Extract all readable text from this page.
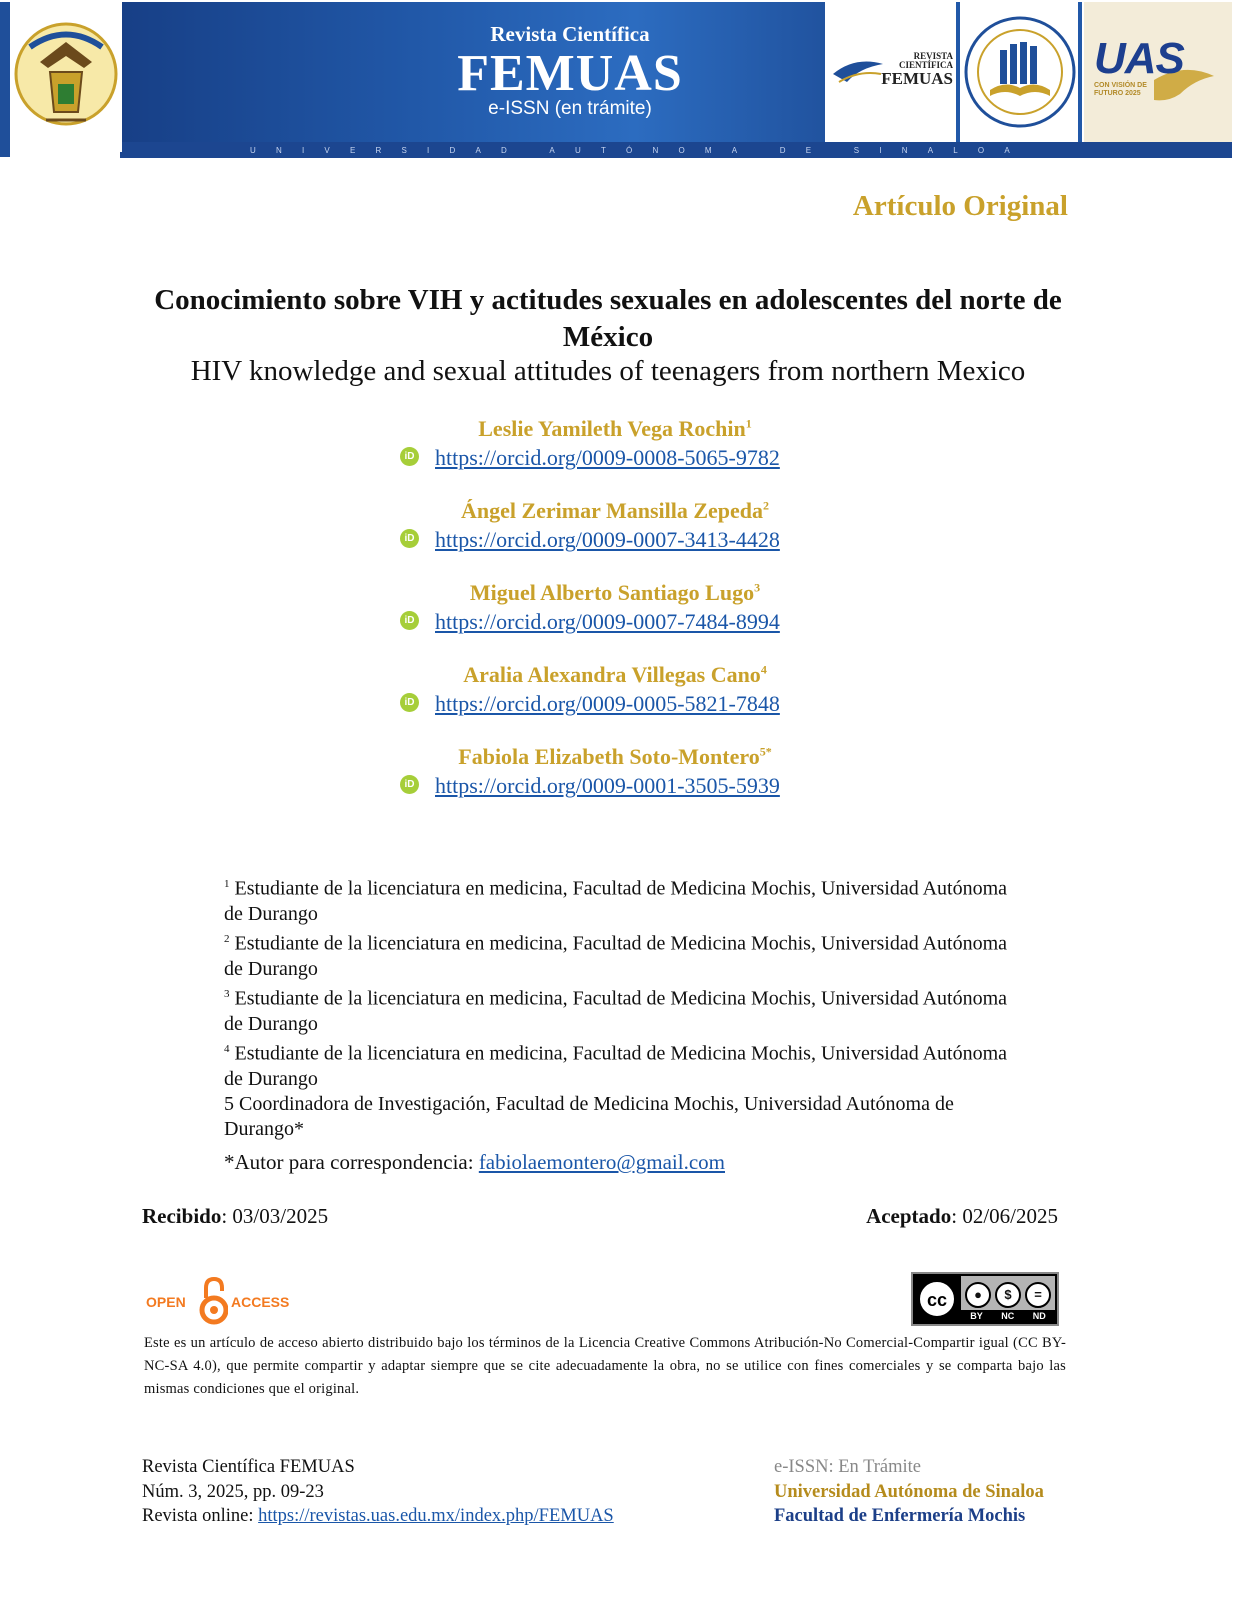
U	N	I	V	E	R	S	I	D	A	D
	A	U	T	Ó	N	O	M	A
	D	E
	S	I	N	A	L	O	A
Revista Científica
FEMUAS
e-ISSN (en trámite)
REVISTA
CIENTÍFICA
FEMUAS	UAS
CON VISIÓN DE FUTURO 2025
Artículo Original
Conocimiento sobre VIH y actitudes sexuales en adolescentes del norte de México
HIV knowledge and sexual attitudes of teenagers from northern Mexico
Leslie Yamileth Vega Rochin$^1$
iD https://orcid.org/0009-0008-5065-9782
Ángel Zerimar Mansilla Zepeda$^2$
iD https://orcid.org/0009-0007-3413-4428
Miguel Alberto Santiago Lugo$^3$
iD https://orcid.org/0009-0007-7484-8994
Aralia Alexandra Villegas Cano$^4$
iD https://orcid.org/0009-0005-5821-7848
Fabiola Elizabeth Soto-Montero$^{5*}$
iD https://orcid.org/0009-0001-3505-5939
$^1$ Estudiante de la licenciatura en medicina, Facultad de Medicina Mochis, Universidad Autónoma de Durango
$^2$ Estudiante de la licenciatura en medicina, Facultad de Medicina Mochis, Universidad Autónoma de Durango
$^3$ Estudiante de la licenciatura en medicina, Facultad de Medicina Mochis, Universidad Autónoma de Durango
$^4$ Estudiante de la licenciatura en medicina, Facultad de Medicina Mochis, Universidad Autónoma de Durango
5 Coordinadora de Investigación, Facultad de Medicina Mochis, Universidad Autónoma de Durango*
*Autor para correspondencia: fabiolaemontero@gmail.com
Recibido: 03/03/2025	Aceptado: 02/06/2025
OPEN	ACCESS	cc	●	$	=
BY NC ND
Este es un artículo de acceso abierto distribuido bajo los términos de la Licencia Creative Commons Atribución-No Comercial-Compartir igual (CC BY-NC-SA 4.0), que permite compartir y adaptar siempre que se cite adecuadamente la obra, no se utilice con fines comerciales y se comparta bajo las mismas condiciones que el original.
Revista Científica FEMUAS
Núm. 3, 2025, pp. 09-23
Revista online: https://revistas.uas.edu.mx/index.php/FEMUAS
e-ISSN: En Trámite
Universidad Autónoma de Sinaloa
Facultad de Enfermería Mochis
